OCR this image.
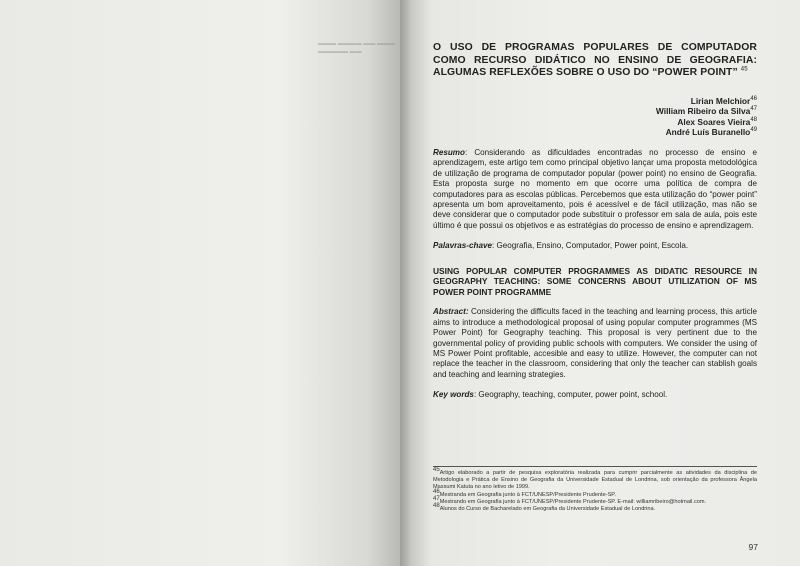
▬▬▬ ▬▬▬▬ ▬▬ ▬▬▬
▬▬▬▬▬ ▬▬	O USO DE PROGRAMAS POPULARES DE COMPUTADOR COMO RECURSO DIDÁTICO NO ENSINO DE GEOGRAFIA: ALGUMAS REFLEXÕES SOBRE O USO DO “POWER POINT” $^{45}$

Lirian Melchior$^{46}$
William Ribeiro da Silva$^{47}$
Alex Soares Vieira$^{48}$
André Luís Buranello$^{49}$

Resumo: Considerando as dificuldades encontradas no processo de ensino e aprendizagem, este artigo tem como principal objetivo lançar uma proposta metodológica de utilização de programa de computador popular (power point) no ensino de Geografia. Esta proposta surge no momento em que ocorre uma política de compra de computadores para as escolas públicas. Percebemos que esta utilização do “power point” apresenta um bom aproveitamento, pois é acessível e de fácil utilização, mas não se deve considerar que o computador pode substituir o professor em sala de aula, pois este último é que possui os objetivos e as estratégias do processo de ensino e aprendizagem.

Palavras-chave: Geografia, Ensino, Computador, Power point, Escola.

USING POPULAR COMPUTER PROGRAMMES AS DIDATIC RESOURCE IN GEOGRAPHY TEACHING: SOME CONCERNS ABOUT UTILIZATION OF MS POWER POINT PROGRAMME

Abstract: Considering the difficults faced in the teaching and learning process, this article aims to introduce a methodological proposal of using popular computer programmes (MS Power Point) for Geography teaching. This proposal is very pertinent due to the governmental policy of providing public schools with computers. We consider the using of MS Power Point profitable, accesible and easy to utilize. However, the computer can not replace the teacher in the classroom, considering that only the teacher can stablish goals and teaching and learning strategies.

Key words: Geography, teaching, computer, power point, school.

$^{45}$Artigo elaborado a partir de pesquisa exploratória realizada para cumprir parcialmente as atividades da disciplina de Metodologia e Prática de Ensino de Geografia da Universidade Estadual de Londrina, sob orientação da professora Ângela Massumi Katuta no ano letivo de 1999.

$^{46}$Mestranda em Geografia junto à FCT/UNESP/Presidente Prudente-SP.

$^{47}$Mestrando em Geografia junto à FCT/UNESP/Presidente Prudente-SP. E-mail: williamribeiro@hotmail.com.

$^{48}$Alunos do Curso de Bacharelado em Geografia da Universidade Estadual de Londrina.

97
